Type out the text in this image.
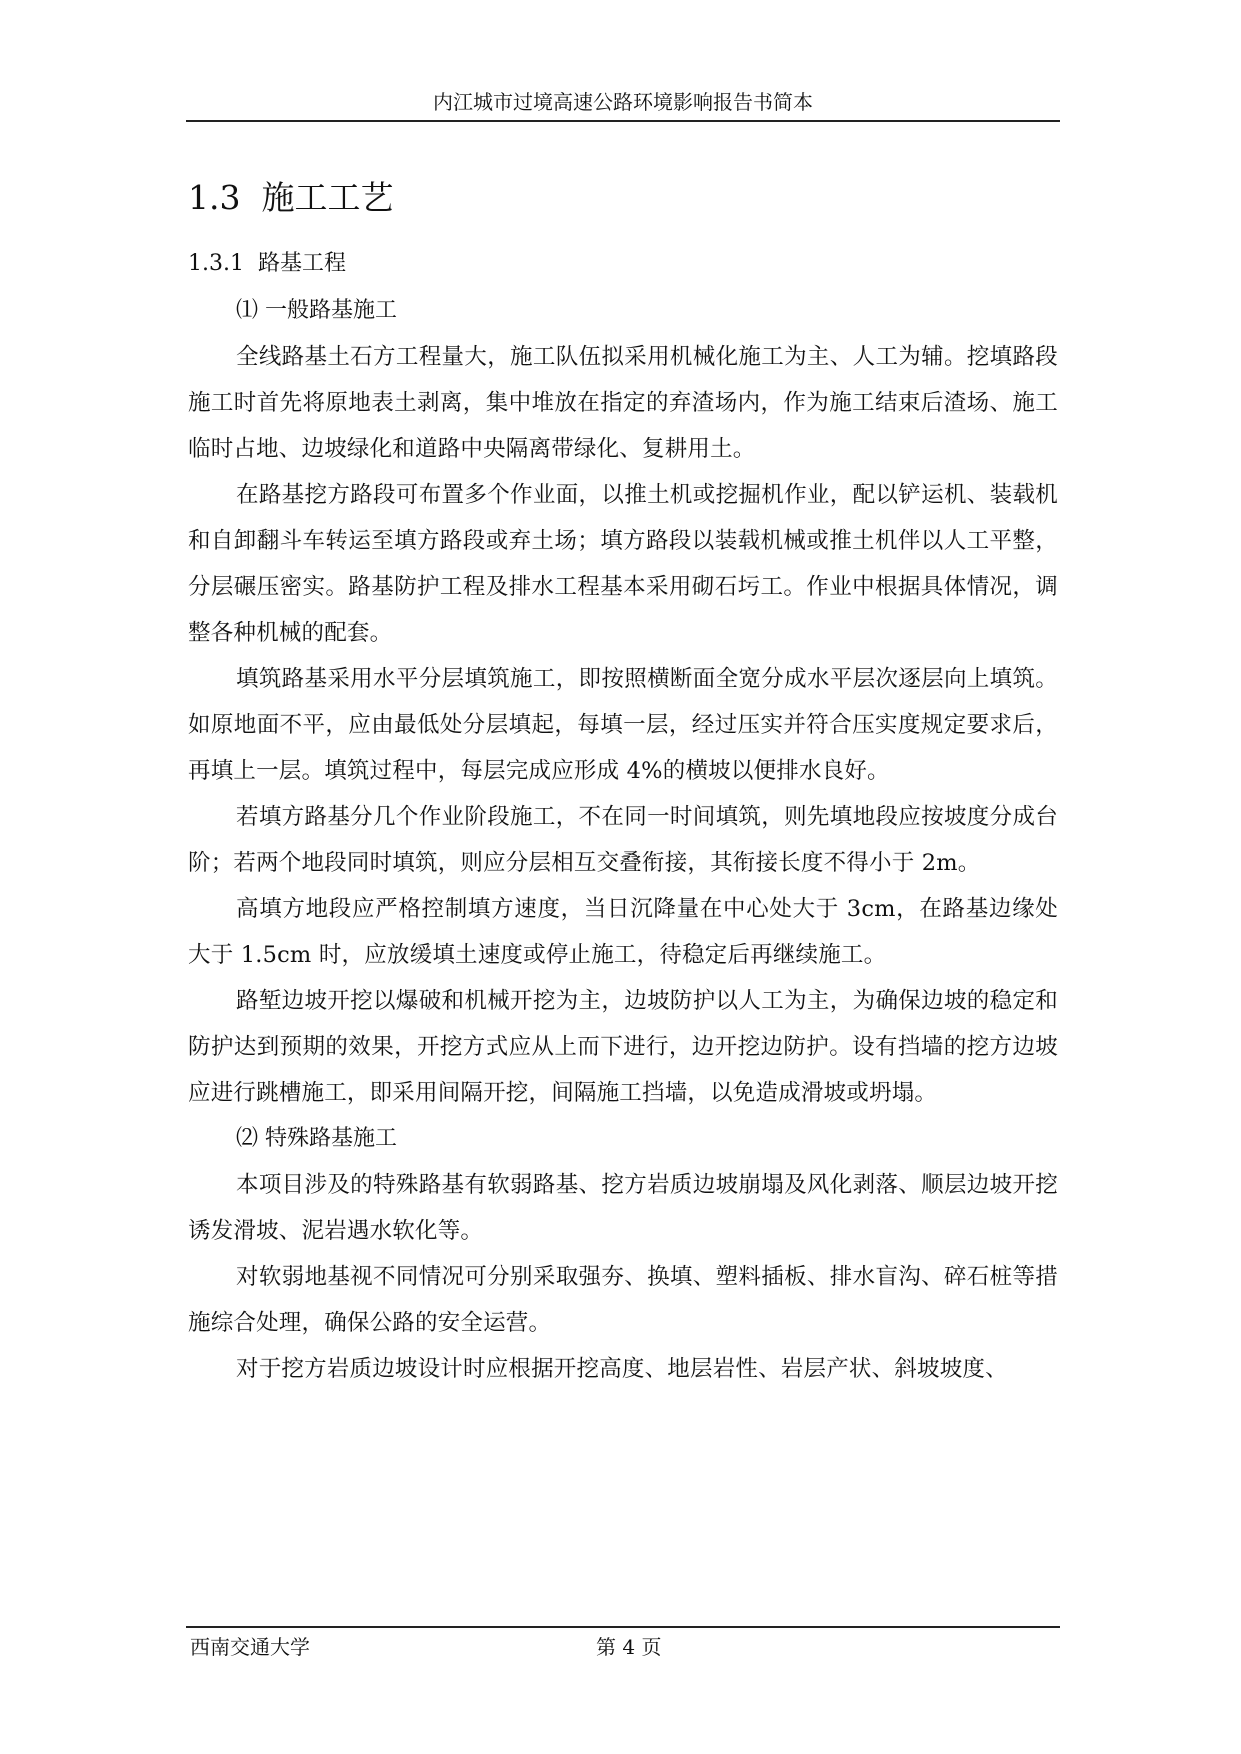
内江城市过境高速公路环境影响报告书简本
1.3 施工工艺
1.3.1 路基工程
⑴ 一般路基施工

全线路基土石方工程量大，施工队伍拟采用机械化施工为主、人工为辅。挖填路段施工时首先将原地表土剥离，集中堆放在指定的弃渣场内，作为施工结束后渣场、施工临时占地、边坡绿化和道路中央隔离带绿化、复耕用土。

在路基挖方路段可布置多个作业面，以推土机或挖掘机作业，配以铲运机、装载机和自卸翻斗车转运至填方路段或弃土场；填方路段以装载机械或推土机伴以人工平整，分层碾压密实。路基防护工程及排水工程基本采用砌石圬工。作业中根据具体情况，调整各种机械的配套。

填筑路基采用水平分层填筑施工，即按照横断面全宽分成水平层次逐层向上填筑。如原地面不平，应由最低处分层填起，每填一层，经过压实并符合压实度规定要求后，再填上一层。填筑过程中，每层完成应形成 4%的横坡以便排水良好。

若填方路基分几个作业阶段施工，不在同一时间填筑，则先填地段应按坡度分成台阶；若两个地段同时填筑，则应分层相互交叠衔接，其衔接长度不得小于 2m。

高填方地段应严格控制填方速度，当日沉降量在中心处大于 3cm，在路基边缘处大于 1.5cm 时，应放缓填土速度或停止施工，待稳定后再继续施工。

路堑边坡开挖以爆破和机械开挖为主，边坡防护以人工为主，为确保边坡的稳定和防护达到预期的效果，开挖方式应从上而下进行，边开挖边防护。设有挡墙的挖方边坡应进行跳槽施工，即采用间隔开挖，间隔施工挡墙，以免造成滑坡或坍塌。

⑵ 特殊路基施工

本项目涉及的特殊路基有软弱路基、挖方岩质边坡崩塌及风化剥落、顺层边坡开挖诱发滑坡、泥岩遇水软化等。

对软弱地基视不同情况可分别采取强夯、换填、塑料插板、排水盲沟、碎石桩等措施综合处理，确保公路的安全运营。

对于挖方岩质边坡设计时应根据开挖高度、地层岩性、岩层产状、斜坡坡度、

西南交通大学	第 4 页
